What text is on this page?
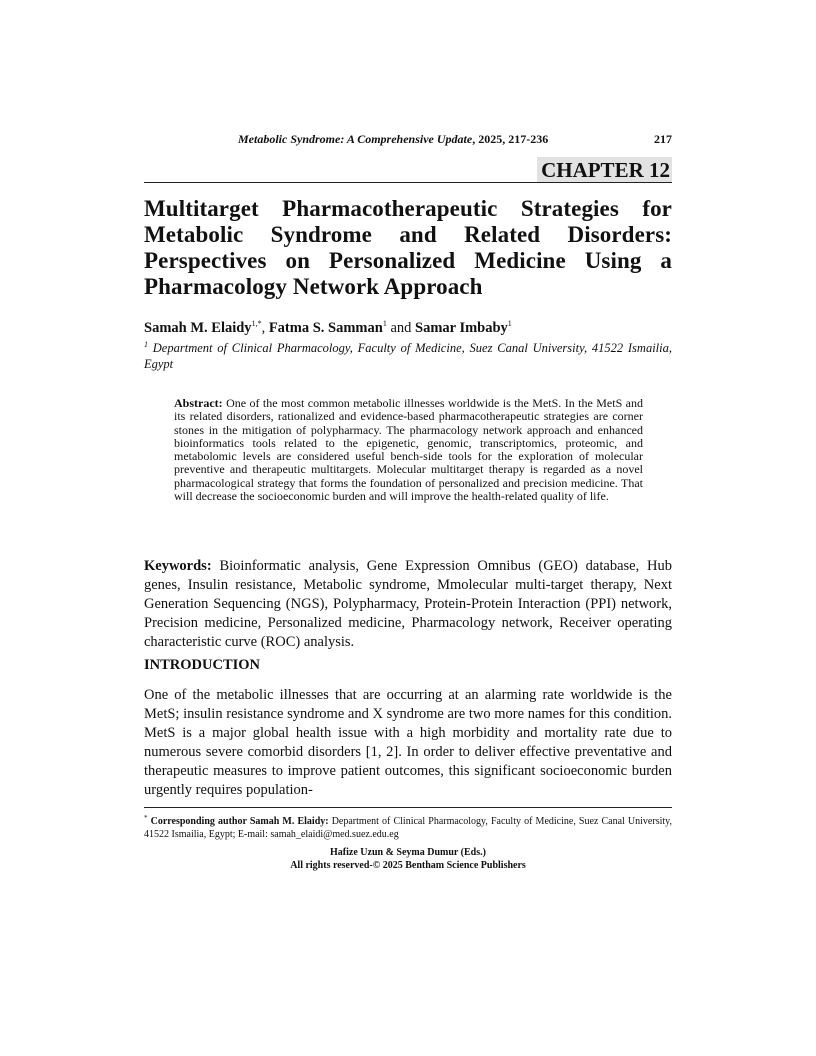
Metabolic Syndrome: A Comprehensive Update, 2025, 217-236	217
CHAPTER 12
Multitarget Pharmacotherapeutic Strategies for Metabolic Syndrome and Related Disorders: Perspectives on Personalized Medicine Using a Pharmacology Network Approach
Samah M. Elaidy$^{1,*}$, Fatma S. Samman$^1$ and Samar Imbaby$^1$
$^1$ Department of Clinical Pharmacology, Faculty of Medicine, Suez Canal University, 41522 Ismailia, Egypt
Abstract: One of the most common metabolic illnesses worldwide is the MetS. In the MetS and its related disorders, rationalized and evidence-based pharmacotherapeutic strategies are corner stones in the mitigation of polypharmacy. The pharmacology network approach and enhanced bioinformatics tools related to the epigenetic, genomic, transcriptomics, proteomic, and metabolomic levels are considered useful bench-side tools for the exploration of molecular preventive and therapeutic multitargets. Molecular multitarget therapy is regarded as a novel pharmacological strategy that forms the foundation of personalized and precision medicine. That will decrease the socioeconomic burden and will improve the health-related quality of life.
Keywords: Bioinformatic analysis, Gene Expression Omnibus (GEO) database, Hub genes, Insulin resistance, Metabolic syndrome, Mmolecular multi-target therapy, Next Generation Sequencing (NGS), Polypharmacy, Protein-Protein Interaction (PPI) network, Precision medicine, Personalized medicine, Pharmacology network, Receiver operating characteristic curve (ROC) analysis.
INTRODUCTION

One of the metabolic illnesses that are occurring at an alarming rate worldwide is the MetS; insulin resistance syndrome and X syndrome are two more names for this condition. MetS is a major global health issue with a high morbidity and mortality rate due to numerous severe comorbid disorders [1, 2]. In order to deliver effective preventative and therapeutic measures to improve patient outcomes, this significant socioeconomic burden urgently requires population-

* Corresponding author Samah M. Elaidy: Department of Clinical Pharmacology, Faculty of Medicine, Suez Canal University, 41522 Ismailia, Egypt; E-mail: samah_elaidi@med.suez.edu.eg
Hafize Uzun & Seyma Dumur (Eds.)
All rights reserved-© 2025 Bentham Science Publishers
